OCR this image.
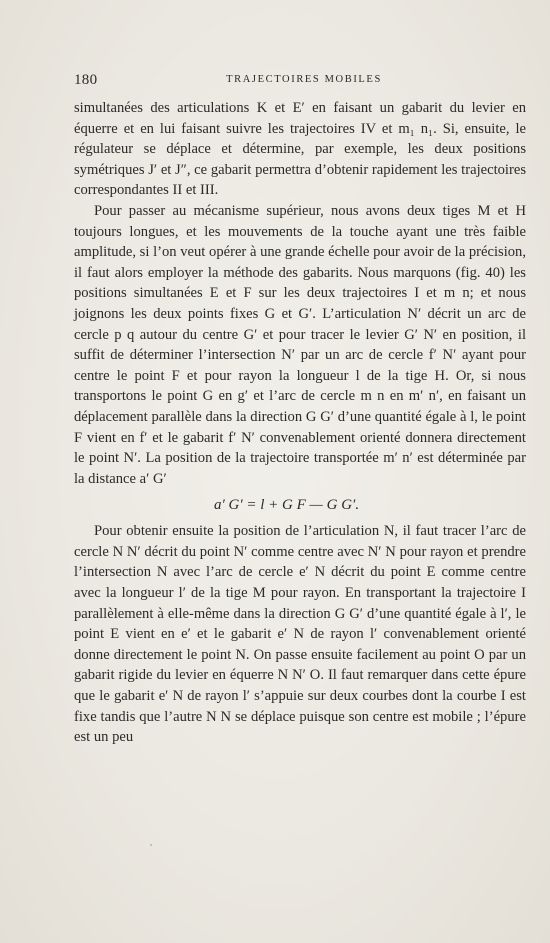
180	TRAJECTOIRES MOBILES

simultanées des articulations K et E′ en faisant un gabarit du levier en équerre et en lui faisant suivre les trajectoires IV et m₁ n₁. Si, ensuite, le régulateur se déplace et détermine, par exemple, les deux positions symétriques J′ et J″, ce gabarit permettra d’obtenir rapidement les trajectoires correspondantes II et III.

Pour passer au mécanisme supérieur, nous avons deux tiges M et H toujours longues, et les mouvements de la touche ayant une très faible amplitude, si l’on veut opérer à une grande échelle pour avoir de la précision, il faut alors employer la méthode des gabarits. Nous marquons (fig. 40) les positions simultanées E et F sur les deux trajectoires I et m n; et nous joignons les deux points fixes G et G′. L’articulation N′ décrit un arc de cercle p q autour du centre G′ et pour tracer le levier G′ N′ en position, il suffit de déterminer l’intersection N′ par un arc de cercle f′ N′ ayant pour centre le point F et pour rayon la longueur l de la tige H. Or, si nous transportons le point G en g′ et l’arc de cercle m n en m′ n′, en faisant un déplacement parallèle dans la direction G G′ d’une quantité égale à l, le point F vient en f′ et le gabarit f′ N′ convenablement orienté donnera directement le point N′. La position de la trajectoire transportée m′ n′ est déterminée par la distance a′ G′

a′ G′ = l + G F — G G′.

Pour obtenir ensuite la position de l’articulation N, il faut tracer l’arc de cercle N N′ décrit du point N′ comme centre avec N′ N pour rayon et prendre l’intersection N avec l’arc de cercle e′ N décrit du point E comme centre avec la longueur l′ de la tige M pour rayon. En transportant la trajectoire I parallèlement à elle-même dans la direction G G′ d’une quantité égale à l′, le point E vient en e′ et le gabarit e′ N de rayon l′ convenablement orienté donne directement le point N. On passe ensuite facilement au point O par un gabarit rigide du levier en équerre N N′ O. Il faut remarquer dans cette épure que le gabarit e′ N de rayon l′ s’appuie sur deux courbes dont la courbe I est fixe tandis que l’autre N N se déplace puisque son centre est mobile ; l’épure est un peu
